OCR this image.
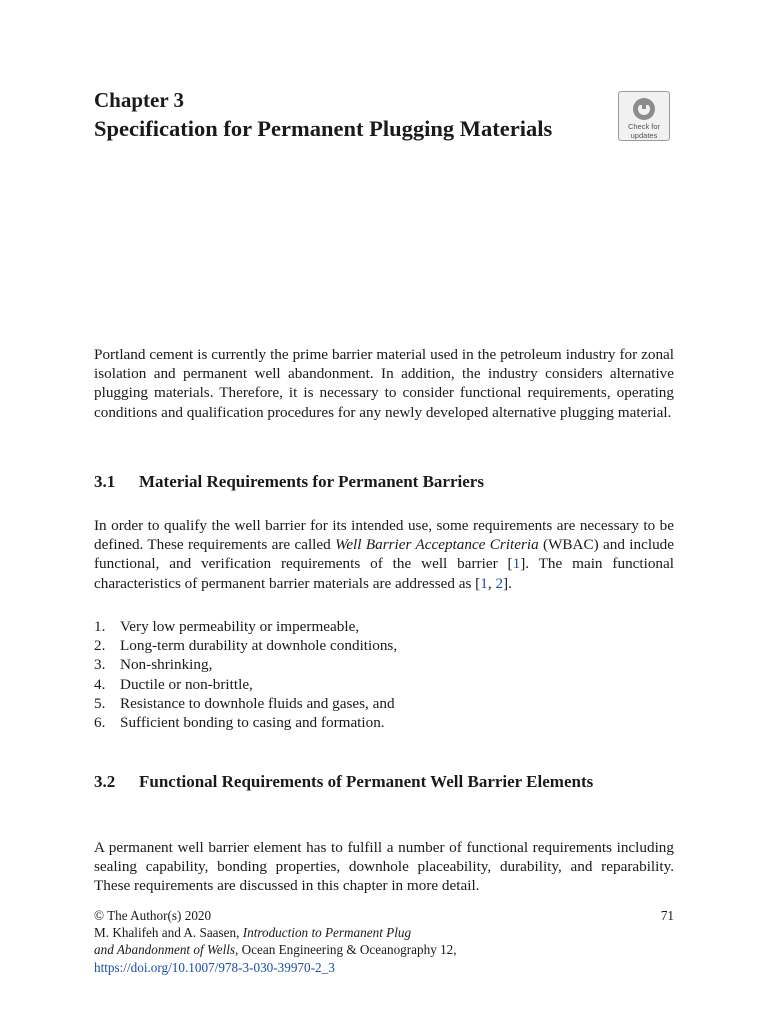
Chapter 3
Specification for Permanent Plugging Materials	Check for
updates
Portland cement is currently the prime barrier material used in the petroleum industry for zonal isolation and permanent well abandonment. In addition, the industry considers alternative plugging materials. Therefore, it is necessary to consider functional requirements, operating conditions and qualification procedures for any newly developed alternative plugging material.
3.1 Material Requirements for Permanent Barriers
In order to qualify the well barrier for its intended use, some requirements are necessary to be defined. These requirements are called Well Barrier Acceptance Criteria (WBAC) and include functional, and verification requirements of the well barrier [1]. The main functional characteristics of permanent barrier materials are addressed as [1, 2].
1. Very low permeability or impermeable,
2. Long-term durability at downhole conditions,
3. Non-shrinking,
4. Ductile or non-brittle,
5. Resistance to downhole fluids and gases, and
6. Sufficient bonding to casing and formation.
3.2 Functional Requirements of Permanent Well Barrier Elements
A permanent well barrier element has to fulfill a number of functional requirements including sealing capability, bonding properties, downhole placeability, durability, and reparability. These requirements are discussed in this chapter in more detail.
© The Author(s) 2020	71
M. Khalifeh and A. Saasen, Introduction to Permanent Plug
and Abandonment of Wells, Ocean Engineering & Oceanography 12,
https://doi.org/10.1007/978-3-030-39970-2_3
